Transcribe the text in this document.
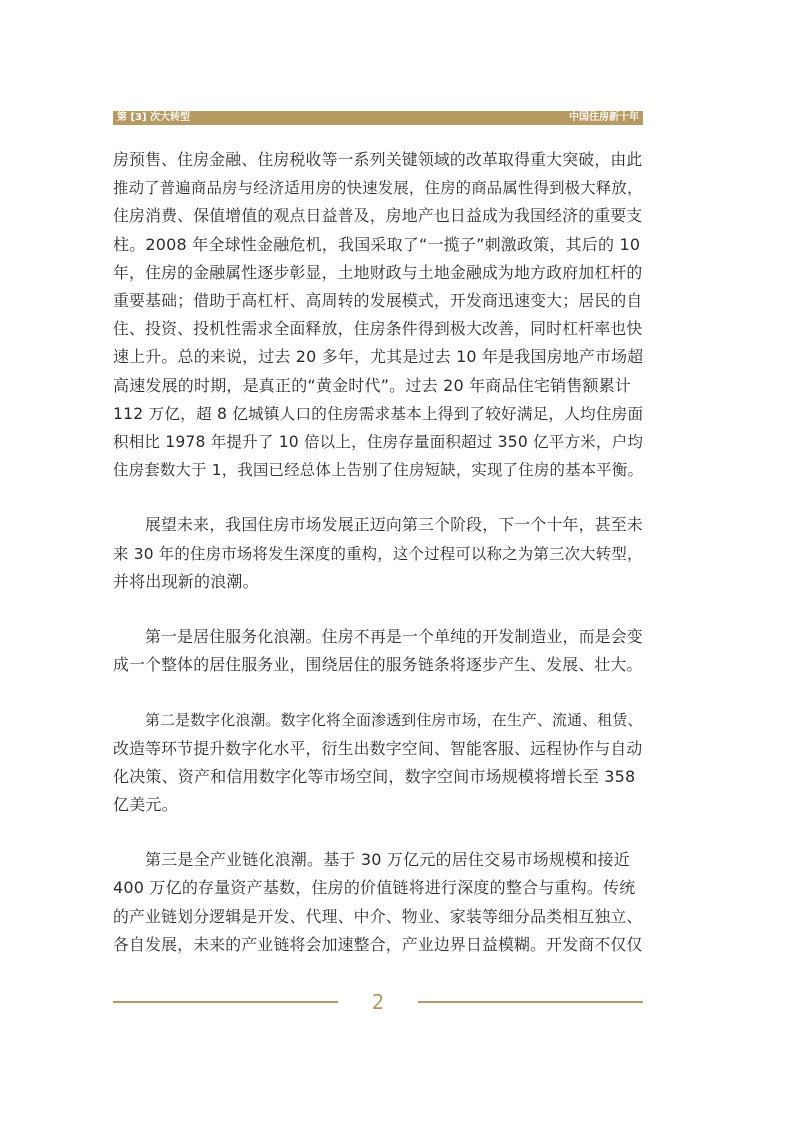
第 [3] 次大转型	中国住房新十年
房预售、住房金融、住房税收等一系列关键领域的改革取得重大突破，由此
推动了普遍商品房与经济适用房的快速发展，住房的商品属性得到极大释放，
住房消费、保值增值的观点日益普及，房地产也日益成为我国经济的重要支
柱。2008 年全球性金融危机，我国采取了“一揽子”刺激政策，其后的 10
年，住房的金融属性逐步彰显，土地财政与土地金融成为地方政府加杠杆的
重要基础；借助于高杠杆、高周转的发展模式，开发商迅速变大；居民的自
住、投资、投机性需求全面释放，住房条件得到极大改善，同时杠杆率也快
速上升。总的来说，过去 20 多年，尤其是过去 10 年是我国房地产市场超
高速发展的时期，是真正的“黄金时代”。过去 20 年商品住宅销售额累计
112 万亿，超 8 亿城镇人口的住房需求基本上得到了较好满足，人均住房面
积相比 1978 年提升了 10 倍以上，住房存量面积超过 350 亿平方米，户均
住房套数大于 1，我国已经总体上告别了住房短缺，实现了住房的基本平衡。
展望未来，我国住房市场发展正迈向第三个阶段，下一个十年，甚至未
来 30 年的住房市场将发生深度的重构，这个过程可以称之为第三次大转型，
并将出现新的浪潮。
第一是居住服务化浪潮。住房不再是一个单纯的开发制造业，而是会变
成一个整体的居住服务业，围绕居住的服务链条将逐步产生、发展、壮大。
第二是数字化浪潮。数字化将全面渗透到住房市场，在生产、流通、租赁、
改造等环节提升数字化水平，衍生出数字空间、智能客服、远程协作与自动
化决策、资产和信用数字化等市场空间，数字空间市场规模将增长至 358
亿美元。
第三是全产业链化浪潮。基于 30 万亿元的居住交易市场规模和接近
400 万亿的存量资产基数，住房的价值链将进行深度的整合与重构。传统
的产业链划分逻辑是开发、代理、中介、物业、家装等细分品类相互独立、
各自发展，未来的产业链将会加速整合，产业边界日益模糊。开发商不仅仅
2
